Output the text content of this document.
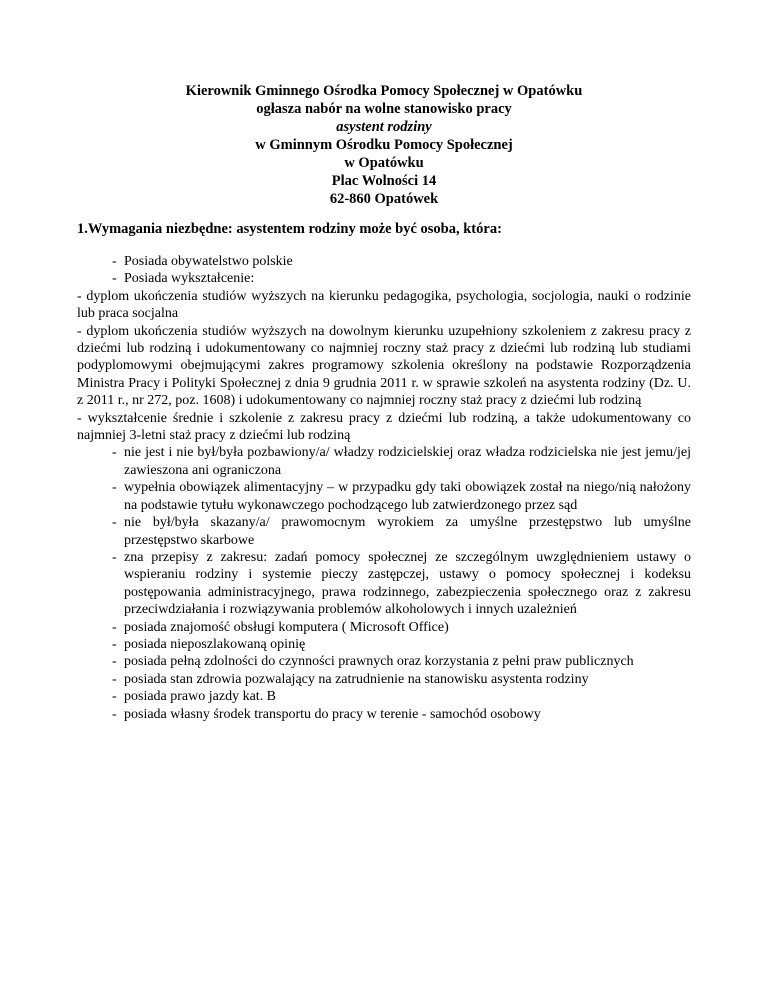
Kierownik Gminnego Ośrodka Pomocy Społecznej w Opatówku
ogłasza nabór na wolne stanowisko pracy
asystent rodziny
w Gminnym Ośrodku Pomocy Społecznej
w Opatówku
Plac Wolności 14
62-860 Opatówek
1.Wymagania niezbędne: asystentem rodziny może być osoba, która:
- Posiada obywatelstwo polskie
- Posiada wykształcenie:
- dyplom ukończenia studiów wyższych na kierunku pedagogika, psychologia, socjologia, nauki o rodzinie lub praca socjalna
- dyplom ukończenia studiów wyższych na dowolnym kierunku uzupełniony szkoleniem z zakresu pracy z dziećmi lub rodziną i udokumentowany co najmniej roczny staż pracy z dziećmi lub rodziną lub studiami podyplomowymi obejmującymi zakres programowy szkolenia określony na podstawie Rozporządzenia Ministra Pracy i Polityki Społecznej z dnia 9 grudnia 2011 r. w sprawie szkoleń na asystenta rodziny (Dz. U. z 2011 r., nr 272, poz. 1608) i udokumentowany co najmniej roczny staż pracy z dziećmi lub rodziną
- wykształcenie średnie i szkolenie z zakresu pracy z dziećmi lub rodziną, a także udokumentowany co najmniej 3-letni staż pracy z dziećmi lub rodziną
- nie jest i nie był/była pozbawiony/a/ władzy rodzicielskiej oraz władza rodzicielska nie jest jemu/jej zawieszona ani ograniczona
- wypełnia obowiązek alimentacyjny – w przypadku gdy taki obowiązek został na niego/nią nałożony na podstawie tytułu wykonawczego pochodzącego lub zatwierdzonego przez sąd
- nie był/była skazany/a/ prawomocnym wyrokiem za umyślne przestępstwo lub umyślne przestępstwo skarbowe
- zna przepisy z zakresu: zadań pomocy społecznej ze szczególnym uwzględnieniem ustawy o wspieraniu rodziny i systemie pieczy zastępczej, ustawy o pomocy społecznej i kodeksu postępowania administracyjnego, prawa rodzinnego, zabezpieczenia społecznego oraz z zakresu przeciwdziałania i rozwiązywania problemów alkoholowych i innych uzależnień
- posiada znajomość obsługi komputera ( Microsoft Office)
- posiada nieposzlakowaną opinię
- posiada pełną zdolności do czynności prawnych oraz korzystania z pełni praw publicznych
- posiada stan zdrowia pozwalający na zatrudnienie na stanowisku asystenta rodziny
- posiada prawo jazdy kat. B
- posiada własny środek transportu do pracy w terenie - samochód osobowy
